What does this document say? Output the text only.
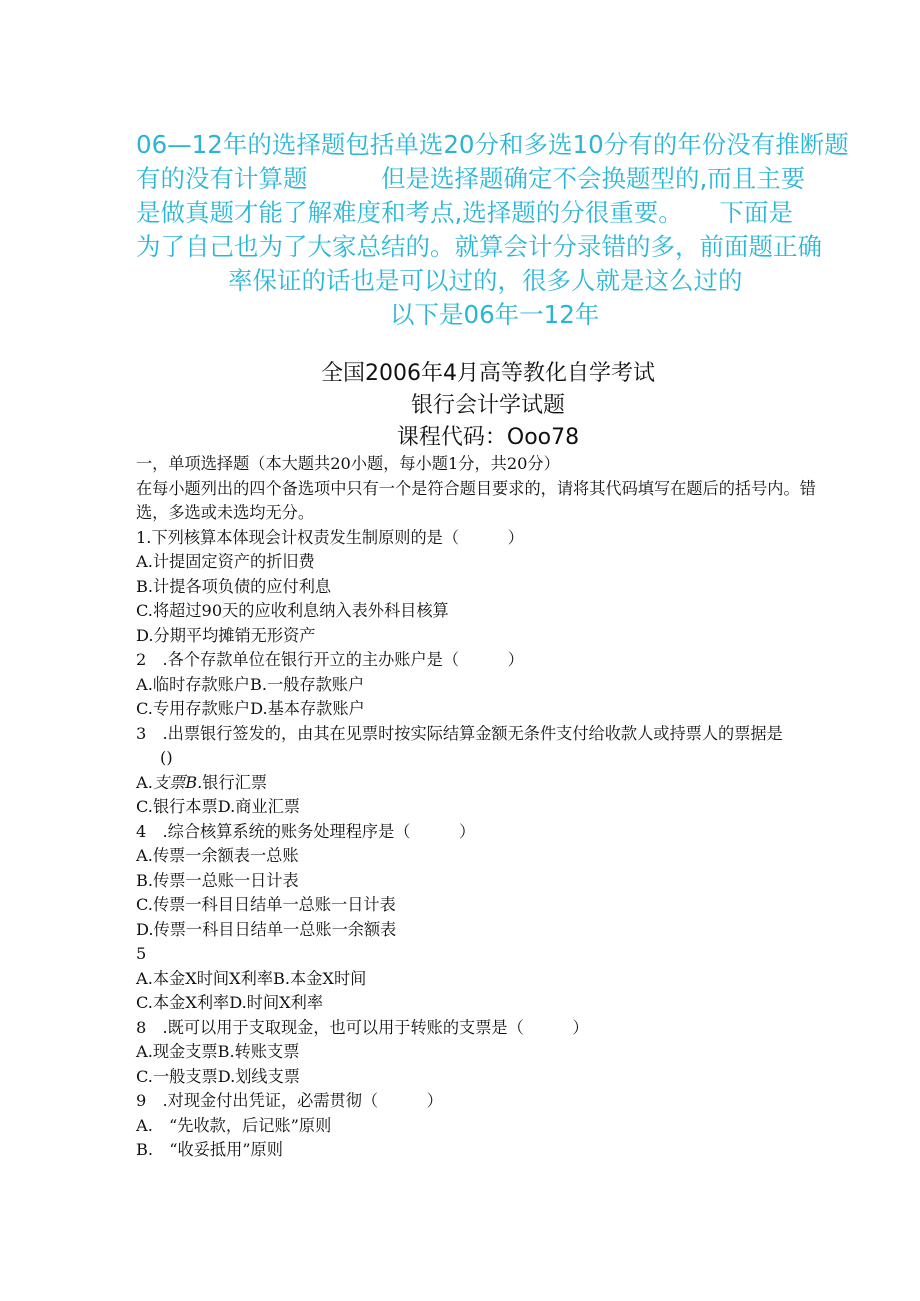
06—12年的选择题包括单选20分和多选10分有的年份没有推断题
有的没有计算题　　　但是选择题确定不会换题型的,而且主要
是做真题才能了解难度和考点,选择题的分很重要。　　下面是
为了自己也为了大家总结的。就算会计分录错的多，前面题正确
率保证的话也是可以过的，很多人就是这么过的
以下是06年一12年
全国2006年4月高等教化自学考试
银行会计学试题
课程代码：Ooo78
一，单项选择题（本大题共20小题，每小题1分，共20分）
在每小题列出的四个备选项中只有一个是符合题目要求的，请将其代码填写在题后的括号内。错选，多选或未选均无分。
1.下列核算本体现会计权责发生制原则的是（　　　）
A.计提固定资产的折旧费
B.计提各项负债的应付利息
C.将超过90天的应收利息纳入表外科目核算
D.分期平均摊销无形资产
2　.各个存款单位在银行开立的主办账户是（　　　）
A.临时存款账户B.一般存款账户
C.专用存款账户D.基本存款账户
3　.出票银行签发的，由其在见票时按实际结算金额无条件支付给收款人或持票人的票据是
()
A.支票B.银行汇票
C.银行本票D.商业汇票
4　.综合核算系统的账务处理程序是（　　　）
A.传票一余额表一总账
B.传票一总账一日计表
C.传票一科目日结单一总账一日计表
D.传票一科目日结单一总账一余额表
5
A.本金X时间X利率B.本金X时间
C.本金X利率D.时间X利率
8　.既可以用于支取现金，也可以用于转账的支票是（　　　）
A.现金支票B.转账支票
C.一般支票D.划线支票
9　.对现金付出凭证，必需贯彻（　　　）
A.　“先收款，后记账”原则
B.　“收妥抵用”原则
